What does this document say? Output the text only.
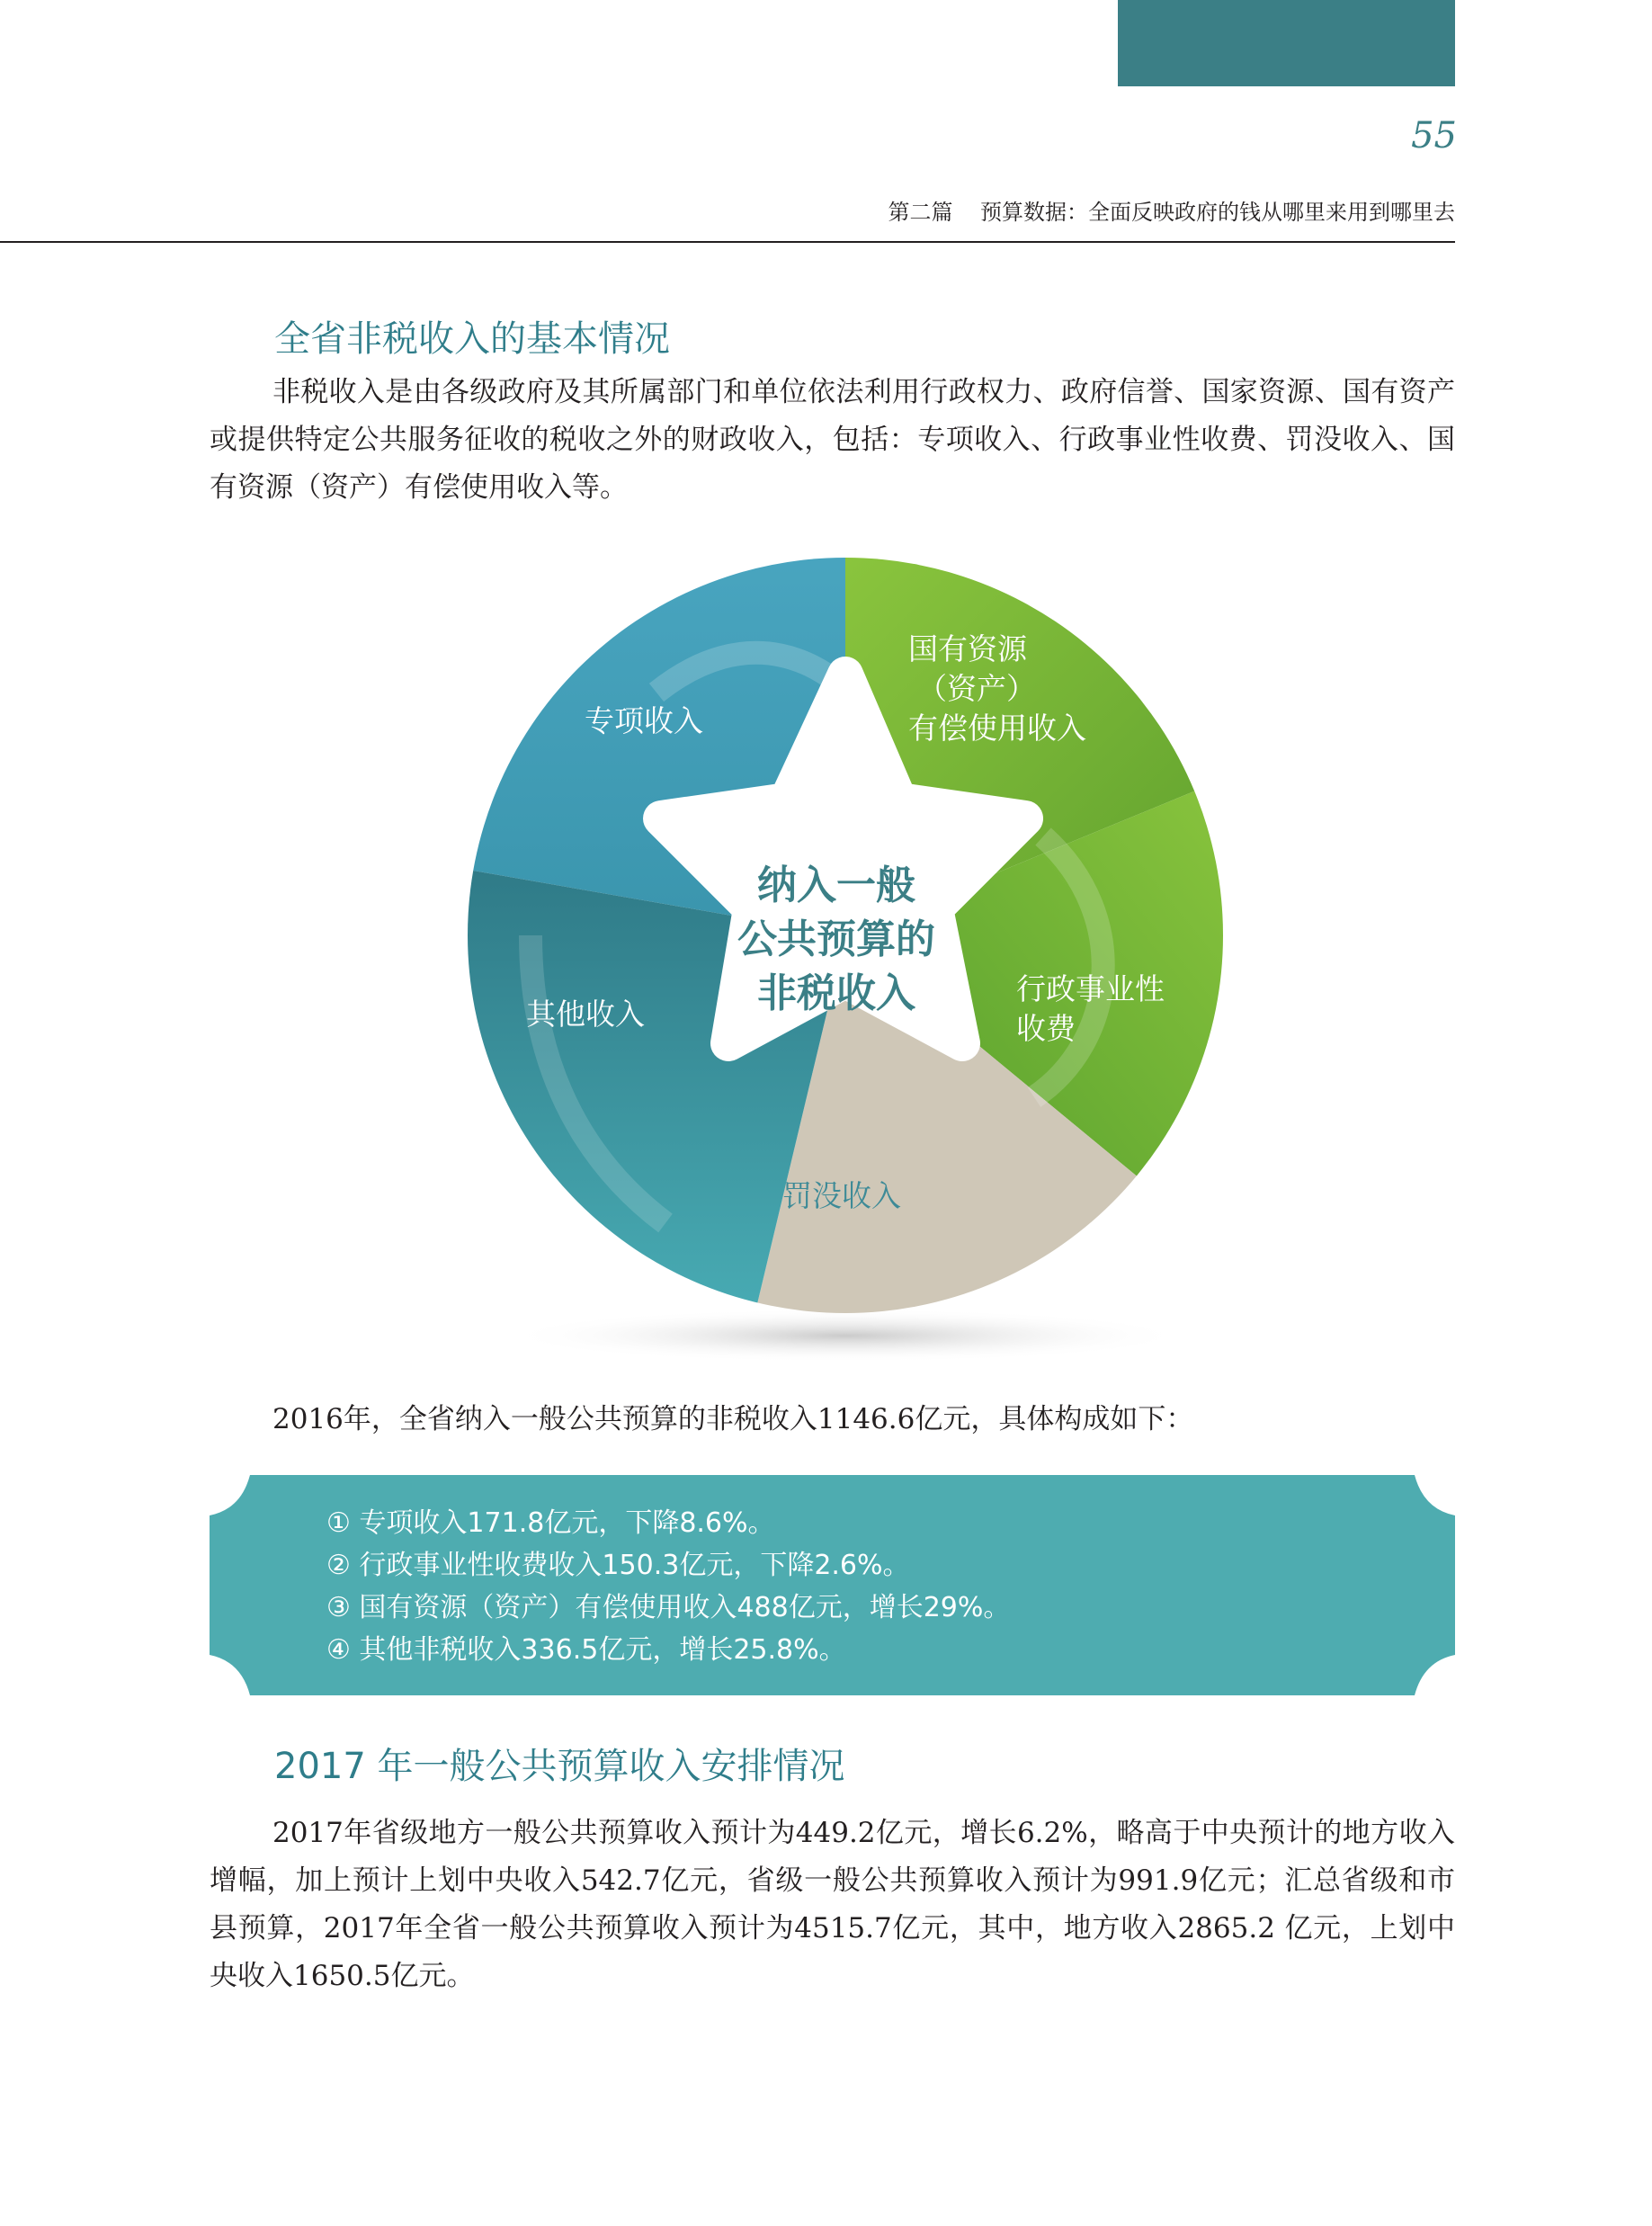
55
第二篇    预算数据：全面反映政府的钱从哪里来用到哪里去
全省非税收入的基本情况
非税收入是由各级政府及其所属部门和单位依法利用行政权力、政府信誉、国家资源、国有资产或提供特定公共服务征收的税收之外的财政收入，包括：专项收入、行政事业性收费、罚没收入、国有资源（资产）有偿使用收入等。
专项收入
国有资源
（资产）
有偿使用收入
行政事业性
收费
罚没收入
其他收入
纳入一般
公共预算的
非税收入
2016年，全省纳入一般公共预算的非税收入1146.6亿元，具体构成如下：
① 专项收入171.8亿元，下降8.6%。
② 行政事业性收费收入150.3亿元，下降2.6%。
③ 国有资源（资产）有偿使用收入488亿元，增长29%。
④ 其他非税收入336.5亿元，增长25.8%。
2017 年一般公共预算收入安排情况
2017年省级地方一般公共预算收入预计为449.2亿元，增长6.2%，略高于中央预计的地方收入增幅，加上预计上划中央收入542.7亿元，省级一般公共预算收入预计为991.9亿元；汇总省级和市县预算，2017年全省一般公共预算收入预计为4515.7亿元，其中，地方收入2865.2 亿元，上划中央收入1650.5亿元。
